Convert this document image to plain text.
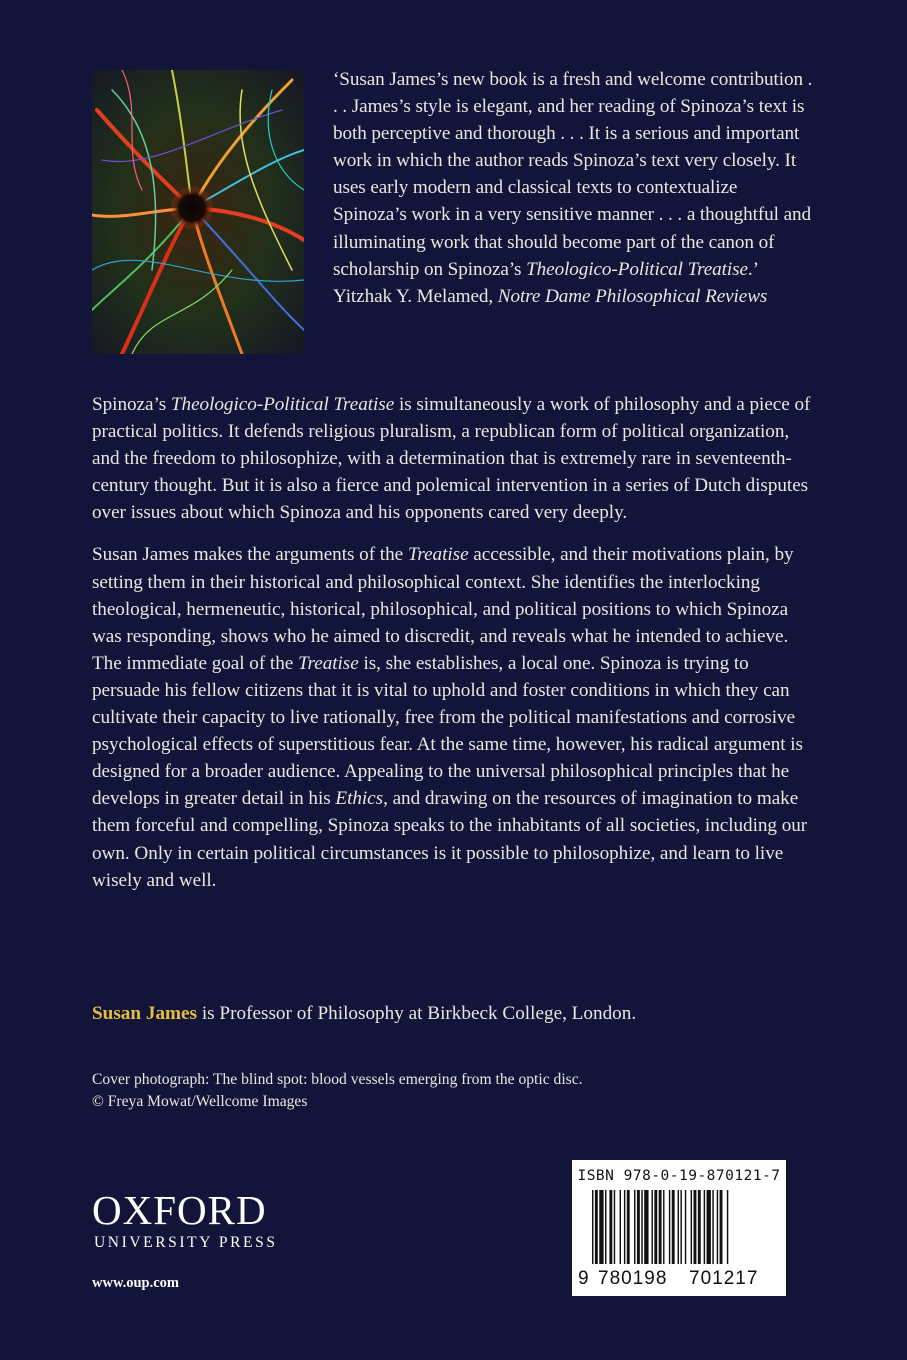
‘Susan James’s new book is a fresh and welcome contribution . . . James’s style is elegant, and her reading of Spinoza’s text is both perceptive and thorough . . . It is a serious and important work in which the author reads Spinoza’s text very closely. It uses early modern and classical texts to contextualize Spinoza’s work in a very sensitive manner . . . a thoughtful and illuminating work that should become part of the canon of scholarship on Spinoza’s Theologico-Political Treatise.’

Yitzhak Y. Melamed, Notre Dame Philosophical Reviews

Spinoza’s Theologico-Political Treatise is simultaneously a work of philosophy and a piece of practical politics. It defends religious pluralism, a republican form of political organization, and the freedom to philosophize, with a determination that is extremely rare in seventeenth-century thought. But it is also a fierce and polemical intervention in a series of Dutch disputes over issues about which Spinoza and his opponents cared very deeply.

Susan James makes the arguments of the Treatise accessible, and their motivations plain, by setting them in their historical and philosophical context. She identifies the interlocking theological, hermeneutic, historical, philosophical, and political positions to which Spinoza was responding, shows who he aimed to discredit, and reveals what he intended to achieve. The immediate goal of the Treatise is, she establishes, a local one. Spinoza is trying to persuade his fellow citizens that it is vital to uphold and foster conditions in which they can cultivate their capacity to live rationally, free from the political manifestations and corrosive psychological effects of superstitious fear. At the same time, however, his radical argument is designed for a broader audience. Appealing to the universal philosophical principles that he develops in greater detail in his Ethics, and drawing on the resources of imagination to make them forceful and compelling, Spinoza speaks to the inhabitants of all societies, including our own. Only in certain political circumstances is it possible to philosophize, and learn to live wisely and well.

Susan James is Professor of Philosophy at Birkbeck College, London.

Cover photograph: The blind spot: blood vessels emerging from the optic disc.

© Freya Mowat/Wellcome Images

OXFORD
UNIVERSITY PRESS
www.oup.com
ISBN 978-0-19-870121-7
9 780198 701217
